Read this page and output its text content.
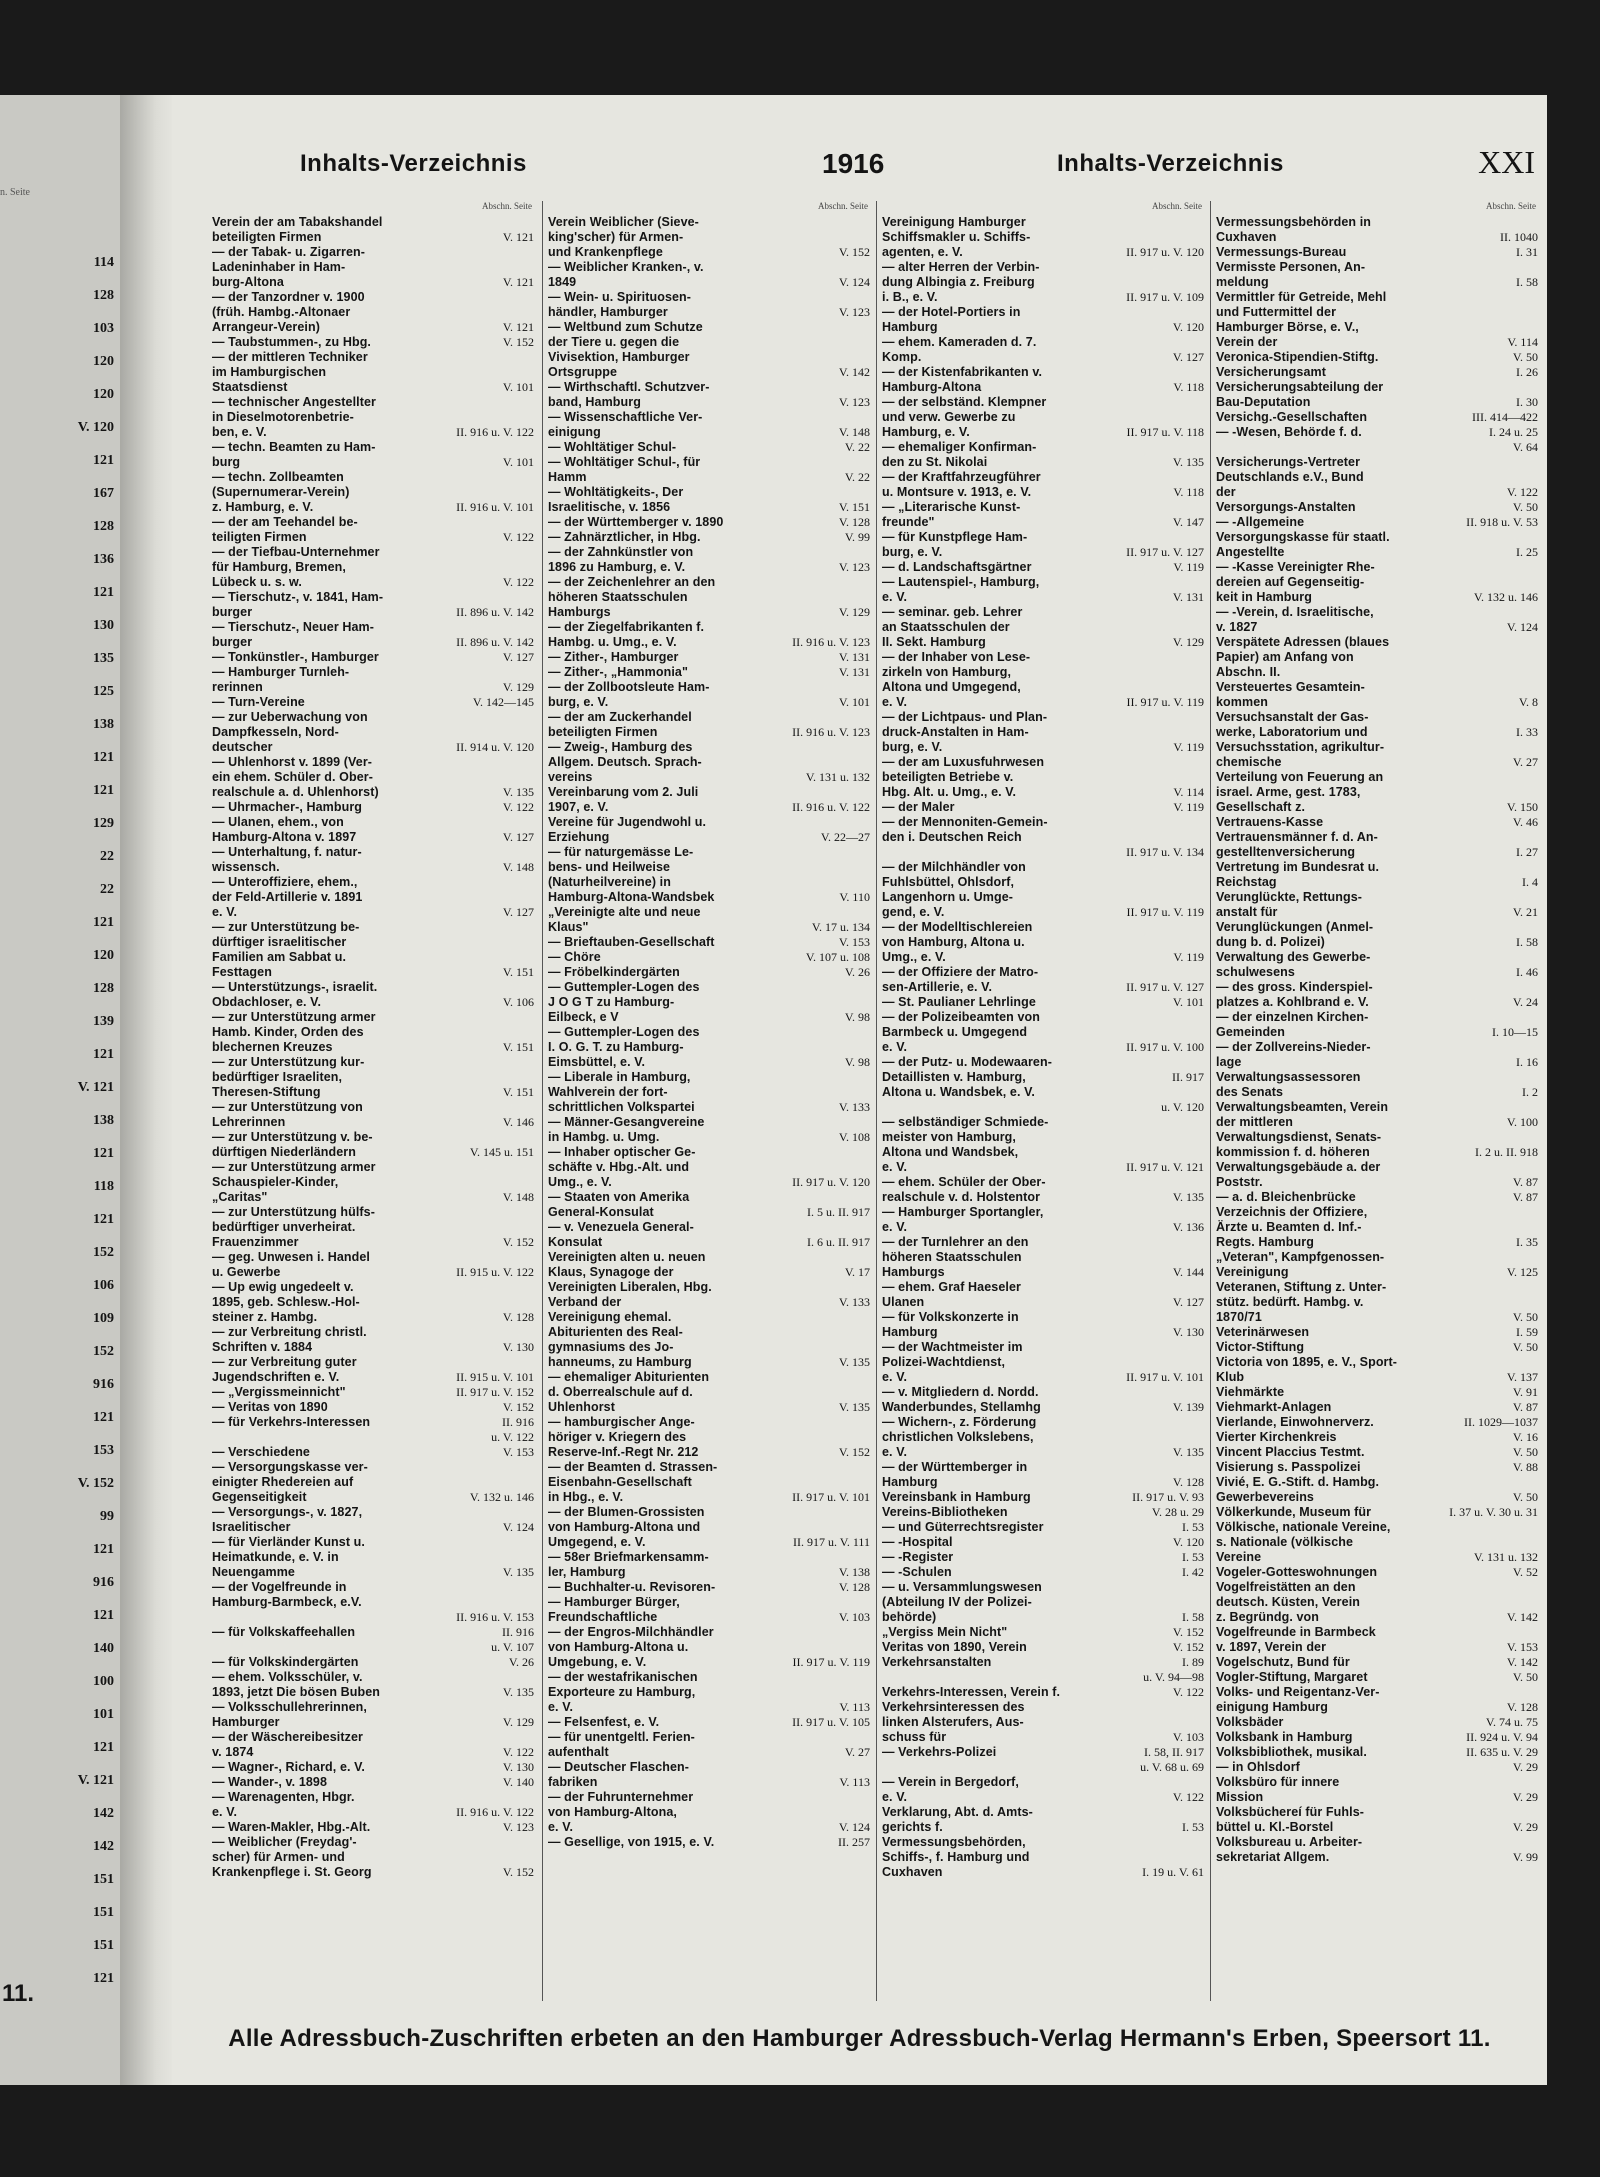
n. Seite
114
128
103
120
120
V. 120
121
167
128
136
121
130
135
125
138
121
121
129
22
22
121
120
128
139
121
V. 121
138
121
118
121
152
106
109
152
916
121
153
V. 152
99
121
916
121
140
100
101
121
V. 121
142
142
151
151
151
121
11.
Inhalts-Verzeichnis	1916	Inhalts-Verzeichnis	XXI
Abschn. Seite
Verein der am Tabakshandel
beteiligten Firmen	V. 121
— der Tabak- u. Zigarren-
Ladeninhaber in Ham-
burg-Altona	V. 121
— der Tanzordner v. 1900
(früh. Hambg.-Altonaer
Arrangeur-Verein)	V. 121
— Taubstummen-, zu Hbg.	V. 152
— der mittleren Techniker
im Hamburgischen
Staatsdienst	V. 101
— technischer Angestellter
in Dieselmotorenbetrie-
ben, e. V.	II. 916 u. V. 122
— techn. Beamten zu Ham-
burg	V. 101
— techn. Zollbeamten
(Supernumerar-Verein)
z. Hamburg, e. V.	II. 916 u. V. 101
— der am Teehandel be-
teiligten Firmen	V. 122
— der Tiefbau-Unternehmer
für Hamburg, Bremen,
Lübeck u. s. w.	V. 122
— Tierschutz-, v. 1841, Ham-
burger	II. 896 u. V. 142
— Tierschutz-, Neuer Ham-
burger	II. 896 u. V. 142
— Tonkünstler-, Hamburger	V. 127
— Hamburger Turnleh-
rerinnen	V. 129
— Turn-Vereine	V. 142—145
— zur Ueberwachung von
Dampfkesseln, Nord-
deutscher	II. 914 u. V. 120
— Uhlenhorst v. 1899 (Ver-
ein ehem. Schüler d. Ober-
realschule a. d. Uhlenhorst)	V. 135
— Uhrmacher-, Hamburg	V. 122
— Ulanen, ehem., von
Hamburg-Altona v. 1897	V. 127
— Unterhaltung, f. natur-
wissensch.	V. 148
— Unteroffiziere, ehem.,
der Feld-Artillerie v. 1891
e. V.	V. 127
— zur Unterstützung be-
dürftiger israelitischer
Familien am Sabbat u.
Festtagen	V. 151
— Unterstützungs-, israelit.
Obdachloser, e. V.	V. 106
— zur Unterstützung armer
Hamb. Kinder, Orden des
blechernen Kreuzes	V. 151
— zur Unterstützung kur-
bedürftiger Israeliten,
Theresen-Stiftung	V. 151
— zur Unterstützung von
Lehrerinnen	V. 146
— zur Unterstützung v. be-
dürftigen Niederländern	V. 145 u. 151
— zur Unterstützung armer
Schauspieler-Kinder,
„Caritas"	V. 148
— zur Unterstützung hülfs-
bedürftiger unverheirat.
Frauenzimmer	V. 152
— geg. Unwesen i. Handel
u. Gewerbe	II. 915 u. V. 122
— Up ewig ungedeelt v.
1895, geb. Schlesw.-Hol-
steiner z. Hambg.	V. 128
— zur Verbreitung christl.
Schriften v. 1884	V. 130
— zur Verbreitung guter
Jugendschriften e. V.	II. 915 u. V. 101
— „Vergissmeinnicht"	II. 917 u. V. 152
— Veritas von 1890	V. 152
— für Verkehrs-Interessen	II. 916
u. V. 122
— Verschiedene	V. 153
— Versorgungskasse ver-
einigter Rhedereien auf
Gegenseitigkeit	V. 132 u. 146
— Versorgungs-, v. 1827,
Israelitischer	V. 124
— für Vierländer Kunst u.
Heimatkunde, e. V. in
Neuengamme	V. 135
— der Vogelfreunde in
Hamburg-Barmbeck, e.V.
II. 916 u. V. 153
— für Volkskaffeehallen	II. 916
u. V. 107
— für Volkskindergärten	V. 26
— ehem. Volksschüler, v.
1893, jetzt Die bösen Buben	V. 135
— Volksschullehrerinnen,
Hamburger	V. 129
— der Wäschereibesitzer
v. 1874	V. 122
— Wagner-, Richard, e. V.	V. 130
— Wander-, v. 1898	V. 140
— Warenagenten, Hbgr.
e. V.	II. 916 u. V. 122
— Waren-Makler, Hbg.-Alt.	V. 123
— Weiblicher (Freydag'-
scher) für Armen- und
Krankenpflege i. St. Georg	V. 152
Abschn. Seite
Verein Weiblicher (Sieve-
king'scher) für Armen-
und Krankenpflege	V. 152
— Weiblicher Kranken-, v.
1849	V. 124
— Wein- u. Spirituosen-
händler, Hamburger	V. 123
— Weltbund zum Schutze
der Tiere u. gegen die
Vivisektion, Hamburger
Ortsgruppe	V. 142
— Wirthschaftl. Schutzver-
band, Hamburg	V. 123
— Wissenschaftliche Ver-
einigung	V. 148
— Wohltätiger Schul-	V. 22
— Wohltätiger Schul-, für
Hamm	V. 22
— Wohltätigkeits-, Der
Israelitische, v. 1856	V. 151
— der Württemberger v. 1890	V. 128
— Zahnärztlicher, in Hbg.	V. 99
— der Zahnkünstler von
1896 zu Hamburg, e. V.	V. 123
— der Zeichenlehrer an den
höheren Staatsschulen
Hamburgs	V. 129
— der Ziegelfabrikanten f.
Hambg. u. Umg., e. V.	II. 916 u. V. 123
— Zither-, Hamburger	V. 131
— Zither-, „Hammonia"	V. 131
— der Zollbootsleute Ham-
burg, e. V.	V. 101
— der am Zuckerhandel
beteiligten Firmen	II. 916 u. V. 123
— Zweig-, Hamburg des
Allgem. Deutsch. Sprach-
vereins	V. 131 u. 132
Vereinbarung vom 2. Juli
1907, e. V.	II. 916 u. V. 122
Vereine für Jugendwohl u.
Erziehung	V. 22—27
— für naturgemässe Le-
bens- und Heilweise
(Naturheilvereine) in
Hamburg-Altona-Wandsbek	V. 110
„Vereinigte alte und neue
Klaus"	V. 17 u. 134
— Brieftauben-Gesellschaft	V. 153
— Chöre	V. 107 u. 108
— Fröbelkindergärten	V. 26
— Guttempler-Logen des
J O G T zu Hamburg-
Eilbeck, e V	V. 98
— Guttempler-Logen des
I. O. G. T. zu Hamburg-
Eimsbüttel, e. V.	V. 98
— Liberale in Hamburg,
Wahlverein der fort-
schrittlichen Volkspartei	V. 133
— Männer-Gesangvereine
in Hambg. u. Umg.	V. 108
— Inhaber optischer Ge-
schäfte v. Hbg.-Alt. und
Umg., e. V.	II. 917 u. V. 120
— Staaten von Amerika
General-Konsulat	I. 5 u. II. 917
— v. Venezuela General-
Konsulat	I. 6 u. II. 917
Vereinigten alten u. neuen
Klaus, Synagoge der	V. 17
Vereinigten Liberalen, Hbg.
Verband der	V. 133
Vereinigung ehemal.
Abiturienten des Real-
gymnasiums des Jo-
hanneums, zu Hamburg	V. 135
— ehemaliger Abiturienten
d. Oberrealschule auf d.
Uhlenhorst	V. 135
— hamburgischer Ange-
höriger v. Kriegern des
Reserve-Inf.-Regt Nr. 212	V. 152
— der Beamten d. Strassen-
Eisenbahn-Gesellschaft
in Hbg., e. V.	II. 917 u. V. 101
— der Blumen-Grossisten
von Hamburg-Altona und
Umgegend, e. V.	II. 917 u. V. 111
— 58er Briefmarkensamm-
ler, Hamburg	V. 138
— Buchhalter-u. Revisoren-	V. 128
— Hamburger Bürger,
Freundschaftliche	V. 103
— der Engros-Milchhändler
von Hamburg-Altona u.
Umgebung, e. V.	II. 917 u. V. 119
— der westafrikanischen
Exporteure zu Hamburg,
e. V.	V. 113
— Felsenfest, e. V.	II. 917 u. V. 105
— für unentgeltl. Ferien-
aufenthalt	V. 27
— Deutscher Flaschen-
fabriken	V. 113
— der Fuhrunternehmer
von Hamburg-Altona,
e. V.	V. 124
— Gesellige, von 1915, e. V.	II. 257
Abschn. Seite
Vereinigung Hamburger
Schiffsmakler u. Schiffs-
agenten, e. V.	II. 917 u. V. 120
— alter Herren der Verbin-
dung Albingia z. Freiburg
i. B., e. V.	II. 917 u. V. 109
— der Hotel-Portiers in
Hamburg	V. 120
— ehem. Kameraden d. 7.
Komp.	V. 127
— der Kistenfabrikanten v.
Hamburg-Altona	V. 118
— der selbständ. Klempner
und verw. Gewerbe zu
Hamburg, e. V.	II. 917 u. V. 118
— ehemaliger Konfirman-
den zu St. Nikolai	V. 135
— der Kraftfahrzeugführer
u. Montsure v. 1913, e. V.	V. 118
— „Literarische Kunst-
freunde"	V. 147
— für Kunstpflege Ham-
burg, e. V.	II. 917 u. V. 127
— d. Landschaftsgärtner	V. 119
— Lautenspiel-, Hamburg,
e. V.	V. 131
— seminar. geb. Lehrer
an Staatsschulen der
II. Sekt. Hamburg	V. 129
— der Inhaber von Lese-
zirkeln von Hamburg,
Altona und Umgegend,
e. V.	II. 917 u. V. 119
— der Lichtpaus- und Plan-
druck-Anstalten in Ham-
burg, e. V.	V. 119
— der am Luxusfuhrwesen
beteiligten Betriebe v.
Hbg. Alt. u. Umg., e. V.	V. 114
— der Maler	V. 119
— der Mennoniten-Gemein-
den i. Deutschen Reich
II. 917 u. V. 134
— der Milchhändler von
Fuhlsbüttel, Ohlsdorf,
Langenhorn u. Umge-
gend, e. V.	II. 917 u. V. 119
— der Modelltischlereien
von Hamburg, Altona u.
Umg., e. V.	V. 119
— der Offiziere der Matro-
sen-Artillerie, e. V.	II. 917 u. V. 127
— St. Paulianer Lehrlinge	V. 101
— der Polizeibeamten von
Barmbeck u. Umgegend
e. V.	II. 917 u. V. 100
— der Putz- u. Modewaaren-
Detaillisten v. Hamburg,	II. 917
Altona u. Wandsbek, e. V.
u. V. 120
— selbständiger Schmiede-
meister von Hamburg,
Altona und Wandsbek,
e. V.	II. 917 u. V. 121
— ehem. Schüler der Ober-
realschule v. d. Holstentor	V. 135
— Hamburger Sportangler,
e. V.	V. 136
— der Turnlehrer an den
höheren Staatsschulen
Hamburgs	V. 144
— ehem. Graf Haeseler
Ulanen	V. 127
— für Volkskonzerte in
Hamburg	V. 130
— der Wachtmeister im
Polizei-Wachtdienst,
e. V.	II. 917 u. V. 101
— v. Mitgliedern d. Nordd.
Wanderbundes, Stellamhg	V. 139
— Wichern-, z. Förderung
christlichen Volkslebens,
e. V.	V. 135
— der Württemberger in
Hamburg	V. 128
Vereinsbank in Hamburg	II. 917 u. V. 93
Vereins-Bibliotheken	V. 28 u. 29
— und Güterrechtsregister	I. 53
— -Hospital	V. 120
— -Register	I. 53
— -Schulen	I. 42
— u. Versammlungswesen
(Abteilung IV der Polizei-
behörde)	I. 58
„Vergiss Mein Nicht"	V. 152
Veritas von 1890, Verein	V. 152
Verkehrsanstalten	I. 89
u. V. 94—98
Verkehrs-Interessen, Verein f.	V. 122
Verkehrsinteressen des
linken Alsterufers, Aus-
schuss für	V. 103
— Verkehrs-Polizei	I. 58, II. 917
u. V. 68 u. 69
— Verein in Bergedorf,
e. V.	V. 122
Verklarung, Abt. d. Amts-
gerichts f.	I. 53
Vermessungsbehörden,
Schiffs-, f. Hamburg und
Cuxhaven	I. 19 u. V. 61
Abschn. Seite
Vermessungsbehörden in
Cuxhaven	II. 1040
Vermessungs-Bureau	I. 31
Vermisste Personen, An-
meldung	I. 58
Vermittler für Getreide, Mehl
und Futtermittel der
Hamburger Börse, e. V.,
Verein der	V. 114
Veronica-Stipendien-Stiftg.	V. 50
Versicherungsamt	I. 26
Versicherungsabteilung der
Bau-Deputation	I. 30
Versichg.-Gesellschaften	III. 414—422
— -Wesen, Behörde f. d.	I. 24 u. 25
V. 64
Versicherungs-Vertreter
Deutschlands e.V., Bund
der	V. 122
Versorgungs-Anstalten	V. 50
— -Allgemeine	II. 918 u. V. 53
Versorgungskasse für staatl.
Angestellte	I. 25
— -Kasse Vereinigter Rhe-
dereien auf Gegenseitig-
keit in Hamburg	V. 132 u. 146
— -Verein, d. Israelitische,
v. 1827	V. 124
Verspätete Adressen (blaues
Papier) am Anfang von
Abschn. II.
Versteuertes Gesamtein-
kommen	V. 8
Versuchsanstalt der Gas-
werke, Laboratorium und	I. 33
Versuchsstation, agrikultur-
chemische	V. 27
Verteilung von Feuerung an
israel. Arme, gest. 1783,
Gesellschaft z.	V. 150
Vertrauens-Kasse	V. 46
Vertrauensmänner f. d. An-
gestelltenversicherung	I. 27
Vertretung im Bundesrat u.
Reichstag	I. 4
Verunglückte, Rettungs-
anstalt für	V. 21
Verunglückungen (Anmel-
dung b. d. Polizei)	I. 58
Verwaltung des Gewerbe-
schulwesens	I. 46
— des gross. Kinderspiel-
platzes a. Kohlbrand e. V.	V. 24
— der einzelnen Kirchen-
Gemeinden	I. 10—15
— der Zollvereins-Nieder-
lage	I. 16
Verwaltungsassessoren
des Senats	I. 2
Verwaltungsbeamten, Verein
der mittleren	V. 100
Verwaltungsdienst, Senats-
kommission f. d. höheren	I. 2 u. II. 918
Verwaltungsgebäude a. der
Poststr.	V. 87
— a. d. Bleichenbrücke	V. 87
Verzeichnis der Offiziere,
Ärzte u. Beamten d. Inf.-
Regts. Hamburg	I. 35
„Veteran", Kampfgenossen-
Vereinigung	V. 125
Veteranen, Stiftung z. Unter-
stütz. bedürft. Hambg. v.
1870/71	V. 50
Veterinärwesen	I. 59
Victor-Stiftung	V. 50
Victoria von 1895, e. V., Sport-
Klub	V. 137
Viehmärkte	V. 91
Viehmarkt-Anlagen	V. 87
Vierlande, Einwohnerverz.	II. 1029—1037
Vierter Kirchenkreis	V. 16
Vincent Placcius Testmt.	V. 50
Visierung s. Passpolizei	V. 88
Vivié, E. G.-Stift. d. Hambg.
Gewerbevereins	V. 50
Völkerkunde, Museum für	I. 37 u. V. 30 u. 31
Völkische, nationale Vereine,
s. Nationale (völkische
Vereine	V. 131 u. 132
Vogeler-Gotteswohnungen	V. 52
Vogelfreistätten an den
deutsch. Küsten, Verein
z. Begründg. von	V. 142
Vogelfreunde in Barmbeck
v. 1897, Verein der	V. 153
Vogelschutz, Bund für	V. 142
Vogler-Stiftung, Margaret	V. 50
Volks- und Reigentanz-Ver-
einigung Hamburg	V. 128
Volksbäder	V. 74 u. 75
Volksbank in Hamburg	II. 924 u. V. 94
Volksbibliothek, musikal.	II. 635 u. V. 29
— in Ohlsdorf	V. 29
Volksbüro für innere
Mission	V. 29
Volksbüchereí für Fuhls-
büttel u. Kl.-Borstel	V. 29
Volksbureau u. Arbeiter-
sekretariat Allgem.	V. 99
Alle Adressbuch-Zuschriften erbeten an den Hamburger Adressbuch-Verlag Hermann's Erben, Speersort 11.
